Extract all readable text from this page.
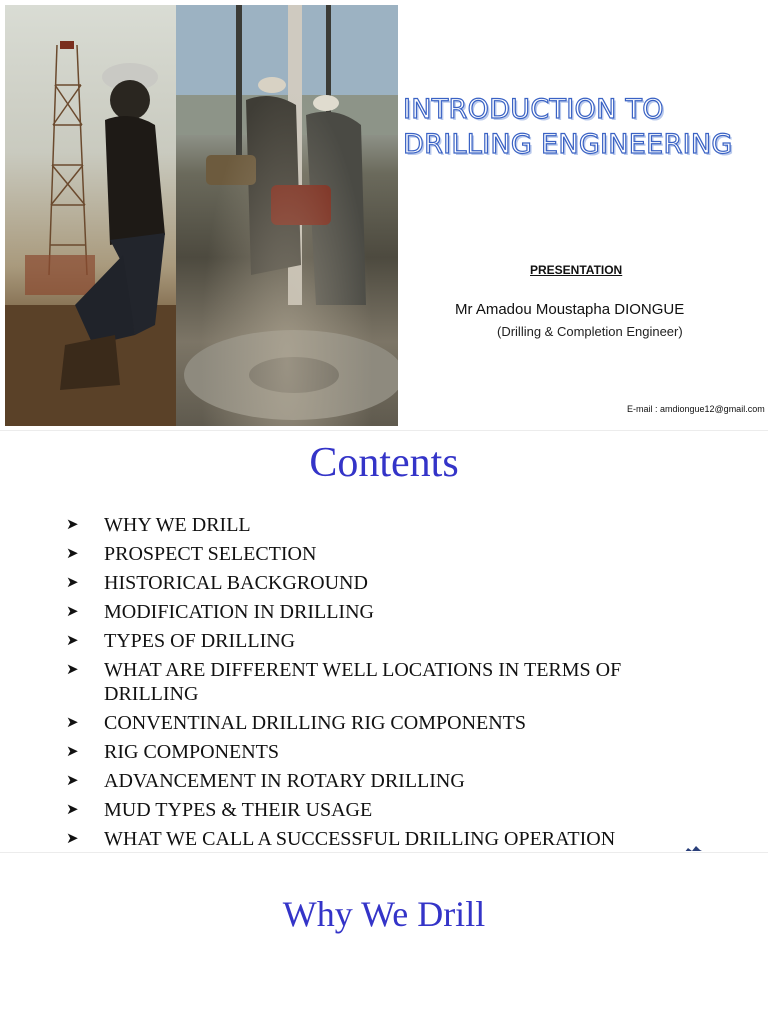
INTRODUCTION TO DRILLING ENGINEERING
PRESENTATION
Mr Amadou Moustapha DIONGUE
(Drilling & Completion Engineer)
E-mail : amdiongue12@gmail.com
Contents
➤ WHY WE DRILL
➤ PROSPECT SELECTION
➤ HISTORICAL BACKGROUND
➤ MODIFICATION IN DRILLING
➤ TYPES OF DRILLING
➤ WHAT ARE DIFFERENT WELL LOCATIONS IN TERMS OF DRILLING
➤ CONVENTINAL DRILLING RIG COMPONENTS
➤ RIG COMPONENTS
➤ ADVANCEMENT IN ROTARY DRILLING
➤ MUD TYPES & THEIR USAGE
➤ WHAT WE CALL A SUCCESSFUL DRILLING OPERATION
Why We Drill
